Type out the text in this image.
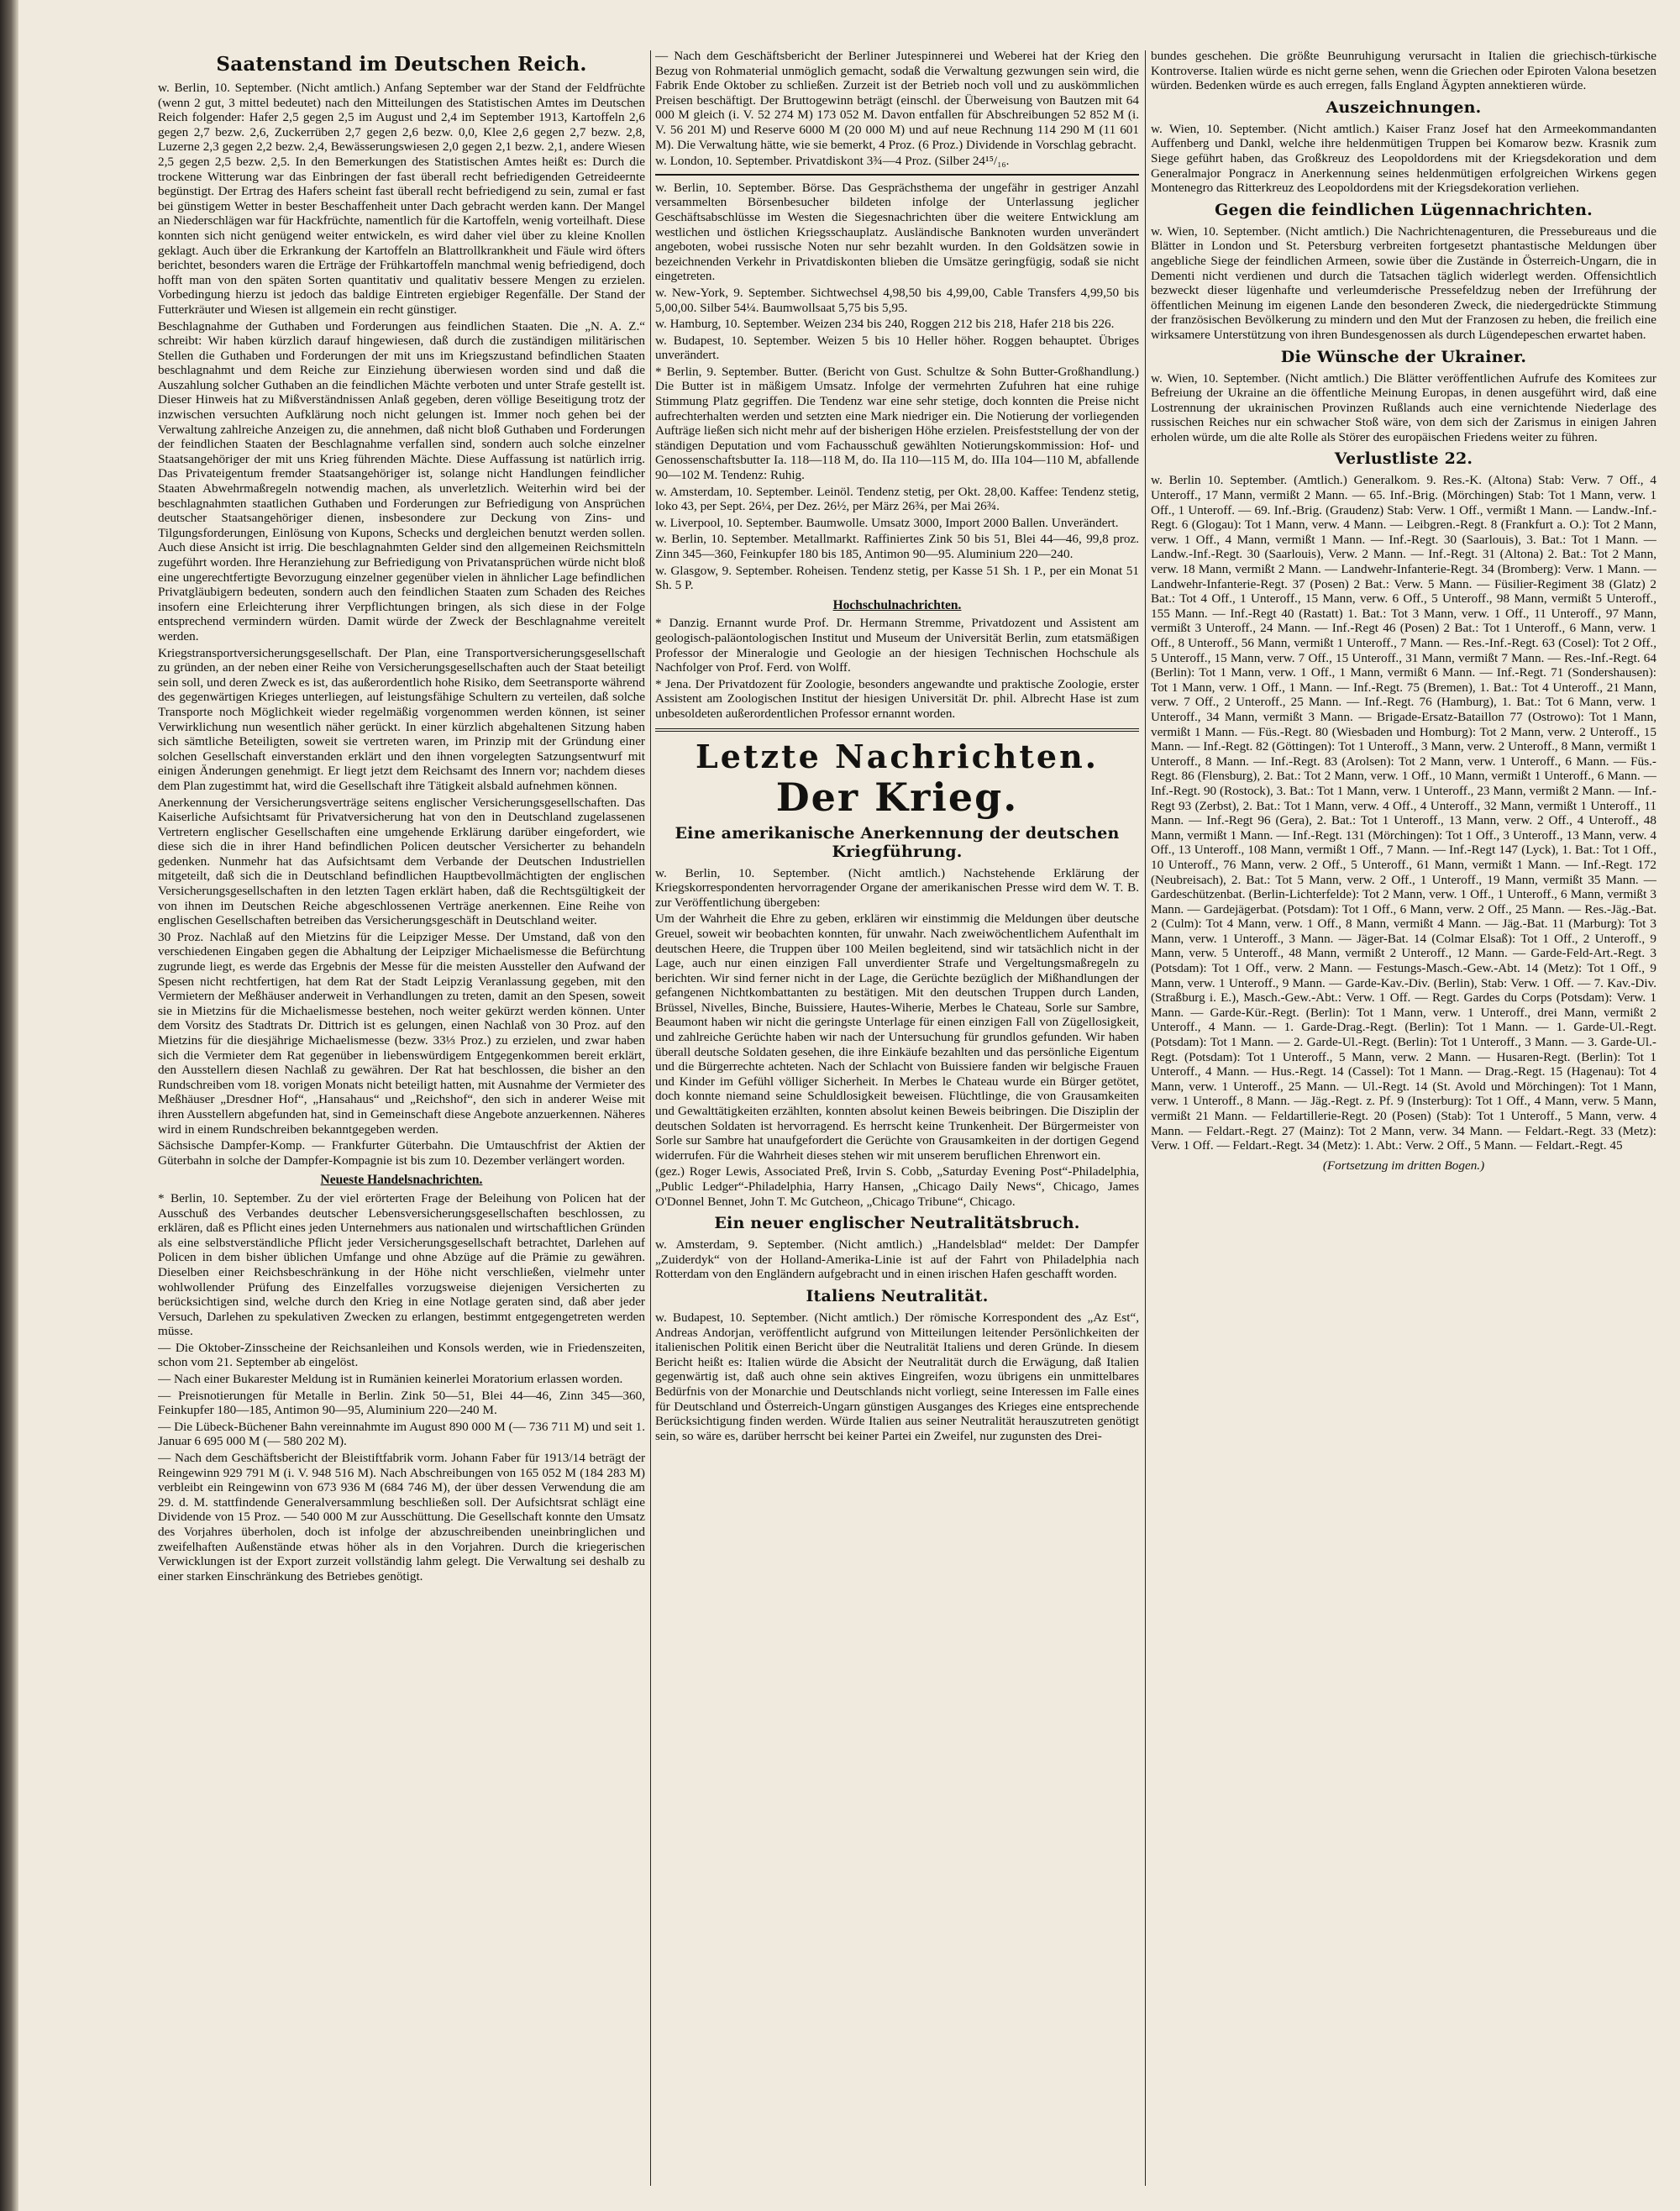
Saatenstand im Deutschen Reich.

w. Berlin, 10. September. (Nicht amtlich.) Anfang September war der Stand der Feldfrüchte (wenn 2 gut, 3 mittel bedeutet) nach den Mitteilungen des Statistischen Amtes im Deutschen Reich folgender: Hafer 2,5 gegen 2,5 im August und 2,4 im September 1913, Kartoffeln 2,6 gegen 2,7 bezw. 2,6, Zuckerrüben 2,7 gegen 2,6 bezw. 0,0, Klee 2,6 gegen 2,7 bezw. 2,8, Luzerne 2,3 gegen 2,2 bezw. 2,4, Bewässerungswiesen 2,0 gegen 2,1 bezw. 2,1, andere Wiesen 2,5 gegen 2,5 bezw. 2,5. In den Bemerkungen des Statistischen Amtes heißt es: Durch die trockene Witterung war das Einbringen der fast überall recht befriedigenden Getreideernte begünstigt. Der Ertrag des Hafers scheint fast überall recht befriedigend zu sein, zumal er fast bei günstigem Wetter in bester Beschaffenheit unter Dach gebracht werden kann. Der Mangel an Niederschlägen war für Hackfrüchte, namentlich für die Kartoffeln, wenig vorteilhaft. Diese konnten sich nicht genügend weiter entwickeln, es wird daher viel über zu kleine Knollen geklagt. Auch über die Erkrankung der Kartoffeln an Blattrollkrankheit und Fäule wird öfters berichtet, besonders waren die Erträge der Frühkartoffeln manchmal wenig befriedigend, doch hofft man von den späten Sorten quantitativ und qualitativ bessere Mengen zu erzielen. Vorbedingung hierzu ist jedoch das baldige Eintreten ergiebiger Regenfälle. Der Stand der Futterkräuter und Wiesen ist allgemein ein recht günstiger.

Beschlagnahme der Guthaben und Forderungen aus feindlichen Staaten. Die „N. A. Z.“ schreibt: Wir haben kürzlich darauf hingewiesen, daß durch die zuständigen militärischen Stellen die Guthaben und Forderungen der mit uns im Kriegszustand befindlichen Staaten beschlagnahmt und dem Reiche zur Einziehung überwiesen worden sind und daß die Auszahlung solcher Guthaben an die feindlichen Mächte verboten und unter Strafe gestellt ist. Dieser Hinweis hat zu Mißverständnissen Anlaß gegeben, deren völlige Beseitigung trotz der inzwischen versuchten Aufklärung noch nicht gelungen ist. Immer noch gehen bei der Verwaltung zahlreiche Anzeigen zu, die annehmen, daß nicht bloß Guthaben und Forderungen der feindlichen Staaten der Beschlagnahme verfallen sind, sondern auch solche einzelner Staatsangehöriger der mit uns Krieg führenden Mächte. Diese Auffassung ist natürlich irrig. Das Privateigentum fremder Staatsangehöriger ist, solange nicht Handlungen feindlicher Staaten Abwehrmaßregeln notwendig machen, als unverletzlich. Weiterhin wird bei der beschlagnahmten staatlichen Guthaben und Forderungen zur Befriedigung von Ansprüchen deutscher Staatsangehöriger dienen, insbesondere zur Deckung von Zins- und Tilgungsforderungen, Einlösung von Kupons, Schecks und dergleichen benutzt werden sollen. Auch diese Ansicht ist irrig. Die beschlagnahmten Gelder sind den allgemeinen Reichsmitteln zugeführt worden. Ihre Heranziehung zur Befriedigung von Privatansprüchen würde nicht bloß eine ungerechtfertigte Bevorzugung einzelner gegenüber vielen in ähnlicher Lage befindlichen Privatgläubigern bedeuten, sondern auch den feindlichen Staaten zum Schaden des Reiches insofern eine Erleichterung ihrer Verpflichtungen bringen, als sich diese in der Folge entsprechend vermindern würden. Damit würde der Zweck der Beschlagnahme vereitelt werden.

Kriegstransportversicherungsgesellschaft. Der Plan, eine Transportversicherungsgesellschaft zu gründen, an der neben einer Reihe von Versicherungsgesellschaften auch der Staat beteiligt sein soll, und deren Zweck es ist, das außerordentlich hohe Risiko, dem Seetransporte während des gegenwärtigen Krieges unterliegen, auf leistungsfähige Schultern zu verteilen, daß solche Transporte noch Möglichkeit wieder regelmäßig vorgenommen werden können, ist seiner Verwirklichung nun wesentlich näher gerückt. In einer kürzlich abgehaltenen Sitzung haben sich sämtliche Beteiligten, soweit sie vertreten waren, im Prinzip mit der Gründung einer solchen Gesellschaft einverstanden erklärt und den ihnen vorgelegten Satzungsentwurf mit einigen Änderungen genehmigt. Er liegt jetzt dem Reichsamt des Innern vor; nachdem dieses dem Plan zugestimmt hat, wird die Gesellschaft ihre Tätigkeit alsbald aufnehmen können.

Anerkennung der Versicherungsverträge seitens englischer Versicherungsgesellschaften. Das Kaiserliche Aufsichtsamt für Privatversicherung hat von den in Deutschland zugelassenen Vertretern englischer Gesellschaften eine umgehende Erklärung darüber eingefordert, wie diese sich die in ihrer Hand befindlichen Policen deutscher Versicherter zu behandeln gedenken. Nunmehr hat das Aufsichtsamt dem Verbande der Deutschen Industriellen mitgeteilt, daß sich die in Deutschland befindlichen Hauptbevollmächtigten der englischen Versicherungsgesellschaften in den letzten Tagen erklärt haben, daß die Rechtsgültigkeit der von ihnen im Deutschen Reiche abgeschlossenen Verträge anerkennen. Eine Reihe von englischen Gesellschaften betreiben das Versicherungsgeschäft in Deutschland weiter.

30 Proz. Nachlaß auf den Mietzins für die Leipziger Messe. Der Umstand, daß von den verschiedenen Eingaben gegen die Abhaltung der Leipziger Michaelismesse die Befürchtung zugrunde liegt, es werde das Ergebnis der Messe für die meisten Aussteller den Aufwand der Spesen nicht rechtfertigen, hat dem Rat der Stadt Leipzig Veranlassung gegeben, mit den Vermietern der Meßhäuser anderweit in Verhandlungen zu treten, damit an den Spesen, soweit sie in Mietzins für die Michaelismesse bestehen, noch weiter gekürzt werden können. Unter dem Vorsitz des Stadtrats Dr. Dittrich ist es gelungen, einen Nachlaß von 30 Proz. auf den Mietzins für die diesjährige Michaelismesse (bezw. 33⅓ Proz.) zu erzielen, und zwar haben sich die Vermieter dem Rat gegenüber in liebenswürdigem Entgegenkommen bereit erklärt, den Ausstellern diesen Nachlaß zu gewähren. Der Rat hat beschlossen, die bisher an den Rundschreiben vom 18. vorigen Monats nicht beteiligt hatten, mit Ausnahme der Vermieter des Meßhäuser „Dresdner Hof“, „Hansahaus“ und „Reichshof“, den sich in anderer Weise mit ihren Ausstellern abgefunden hat, sind in Gemeinschaft diese Angebote anzuerkennen. Näheres wird in einem Rundschreiben bekanntgegeben werden.

Sächsische Dampfer-Komp. — Frankfurter Güterbahn. Die Umtauschfrist der Aktien der Güterbahn in solche der Dampfer-Kompagnie ist bis zum 10. Dezember verlängert worden.

Neueste Handelsnachrichten.

* Berlin, 10. September. Zu der viel erörterten Frage der Beleihung von Policen hat der Ausschuß des Verbandes deutscher Lebensversicherungsgesellschaften beschlossen, zu erklären, daß es Pflicht eines jeden Unternehmers aus nationalen und wirtschaftlichen Gründen als eine selbstverständliche Pflicht jeder Versicherungsgesellschaft betrachtet, Darlehen auf Policen in dem bisher üblichen Umfange und ohne Abzüge auf die Prämie zu gewähren. Dieselben einer Reichsbeschränkung in der Höhe nicht verschließen, vielmehr unter wohlwollender Prüfung des Einzelfalles vorzugsweise diejenigen Versicherten zu berücksichtigen sind, welche durch den Krieg in eine Notlage geraten sind, daß aber jeder Versuch, Darlehen zu spekulativen Zwecken zu erlangen, bestimmt entgegengetreten werden müsse.

— Die Oktober-Zinsscheine der Reichsanleihen und Konsols werden, wie in Friedenszeiten, schon vom 21. September ab eingelöst.

— Nach einer Bukarester Meldung ist in Rumänien keinerlei Moratorium erlassen worden.

— Preisnotierungen für Metalle in Berlin. Zink 50—51, Blei 44—46, Zinn 345—360, Feinkupfer 180—185, Antimon 90—95, Aluminium 220—240 M.

— Die Lübeck-Büchener Bahn vereinnahmte im August 890 000 M (— 736 711 M) und seit 1. Januar 6 695 000 M (— 580 202 M).

— Nach dem Geschäftsbericht der Bleistiftfabrik vorm. Johann Faber für 1913/14 beträgt der Reingewinn 929 791 M (i. V. 948 516 M). Nach Abschreibungen von 165 052 M (184 283 M) verbleibt ein Reingewinn von 673 936 M (684 746 M), der über dessen Verwendung die am 29. d. M. stattfindende Generalversammlung beschließen soll. Der Aufsichtsrat schlägt eine Dividende von 15 Proz. — 540 000 M zur Ausschüttung. Die Gesellschaft konnte den Umsatz des Vorjahres überholen, doch ist infolge der abzuschreibenden uneinbringlichen und zweifelhaften Außenstände etwas höher als in den Vorjahren. Durch die kriegerischen Verwicklungen ist der Export zurzeit vollständig lahm gelegt. Die Verwaltung sei deshalb zu einer starken Einschränkung des Betriebes genötigt.

— Nach dem Geschäftsbericht der Berliner Jutespinnerei und Weberei hat der Krieg den Bezug von Rohmaterial unmöglich gemacht, sodaß die Verwaltung gezwungen sein wird, die Fabrik Ende Oktober zu schließen. Zurzeit ist der Betrieb noch voll und zu auskömmlichen Preisen beschäftigt. Der Bruttogewinn beträgt (einschl. der Überweisung von Bautzen mit 64 000 M gleich (i. V. 52 274 M) 173 052 M. Davon entfallen für Abschreibungen 52 852 M (i. V. 56 201 M) und Reserve 6000 M (20 000 M) und auf neue Rechnung 114 290 M (11 601 M). Die Verwaltung hätte, wie sie bemerkt, 4 Proz. (6 Proz.) Dividende in Vorschlag gebracht.

w. London, 10. September. Privatdiskont 3¾—4 Proz. (Silber 24¹⁵/₁₆.

w. Berlin, 10. September. Börse. Das Gesprächsthema der ungefähr in gestriger Anzahl versammelten Börsenbesucher bildeten infolge der Unterlassung jeglicher Geschäftsabschlüsse im Westen die Siegesnachrichten über die weitere Entwicklung am westlichen und östlichen Kriegsschauplatz. Ausländische Banknoten wurden unverändert angeboten, wobei russische Noten nur sehr bezahlt wurden. In den Goldsätzen sowie in bezeichnenden Verkehr in Privatdiskonten blieben die Umsätze geringfügig, sodaß sie nicht eingetreten.

w. New-York, 9. September. Sichtwechsel 4,98,50 bis 4,99,00, Cable Transfers 4,99,50 bis 5,00,00. Silber 54¼. Baumwollsaat 5,75 bis 5,95.

w. Hamburg, 10. September. Weizen 234 bis 240, Roggen 212 bis 218, Hafer 218 bis 226.

w. Budapest, 10. September. Weizen 5 bis 10 Heller höher. Roggen behauptet. Übriges unverändert.

* Berlin, 9. September. Butter. (Bericht von Gust. Schultze & Sohn Butter-Großhandlung.) Die Butter ist in mäßigem Umsatz. Infolge der vermehrten Zufuhren hat eine ruhige Stimmung Platz gegriffen. Die Tendenz war eine sehr stetige, doch konnten die Preise nicht aufrechterhalten werden und setzten eine Mark niedriger ein. Die Notierung der vorliegenden Aufträge ließen sich nicht mehr auf der bisherigen Höhe erzielen. Preisfeststellung der von der ständigen Deputation und vom Fachausschuß gewählten Notierungskommission: Hof- und Genossenschaftsbutter Ia. 118—118 M, do. IIa 110—115 M, do. IIIa 104—110 M, abfallende 90—102 M. Tendenz: Ruhig.

w. Amsterdam, 10. September. Leinöl. Tendenz stetig, per Okt. 28,00. Kaffee: Tendenz stetig, loko 43, per Sept. 26¼, per Dez. 26½, per März 26¾, per Mai 26¾.

w. Liverpool, 10. September. Baumwolle. Umsatz 3000, Import 2000 Ballen. Unverändert.

w. Berlin, 10. September. Metallmarkt. Raffiniertes Zink 50 bis 51, Blei 44—46, 99,8 proz. Zinn 345—360, Feinkupfer 180 bis 185, Antimon 90—95. Aluminium 220—240.

w. Glasgow, 9. September. Roheisen. Tendenz stetig, per Kasse 51 Sh. 1 P., per ein Monat 51 Sh. 5 P.

Hochschulnachrichten.

* Danzig. Ernannt wurde Prof. Dr. Hermann Stremme, Privatdozent und Assistent am geologisch-paläontologischen Institut und Museum der Universität Berlin, zum etatsmäßigen Professor der Mineralogie und Geologie an der hiesigen Technischen Hochschule als Nachfolger von Prof. Ferd. von Wolff.

* Jena. Der Privatdozent für Zoologie, besonders angewandte und praktische Zoologie, erster Assistent am Zoologischen Institut der hiesigen Universität Dr. phil. Albrecht Hase ist zum unbesoldeten außerordentlichen Professor ernannt worden.

Letzte Nachrichten.
Der Krieg.
Eine amerikanische Anerkennung der deutschen Kriegführung.

w. Berlin, 10. September. (Nicht amtlich.) Nachstehende Erklärung der Kriegskorrespondenten hervorragender Organe der amerikanischen Presse wird dem W. T. B. zur Veröffentlichung übergeben:

Um der Wahrheit die Ehre zu geben, erklären wir einstimmig die Meldungen über deutsche Greuel, soweit wir beobachten konnten, für unwahr. Nach zweiwöchentlichem Aufenthalt im deutschen Heere, die Truppen über 100 Meilen begleitend, sind wir tatsächlich nicht in der Lage, auch nur einen einzigen Fall unverdienter Strafe und Vergeltungsmaßregeln zu berichten. Wir sind ferner nicht in der Lage, die Gerüchte bezüglich der Mißhandlungen der gefangenen Nichtkombattanten zu bestätigen. Mit den deutschen Truppen durch Landen, Brüssel, Nivelles, Binche, Buissiere, Hautes-Wiherie, Merbes le Chateau, Sorle sur Sambre, Beaumont haben wir nicht die geringste Unterlage für einen einzigen Fall von Zügellosigkeit, und zahlreiche Gerüchte haben wir nach der Untersuchung für grundlos gefunden. Wir haben überall deutsche Soldaten gesehen, die ihre Einkäufe bezahlten und das persönliche Eigentum und die Bürgerrechte achteten. Nach der Schlacht von Buissiere fanden wir belgische Frauen und Kinder im Gefühl völliger Sicherheit. In Merbes le Chateau wurde ein Bürger getötet, doch konnte niemand seine Schuldlosigkeit beweisen. Flüchtlinge, die von Grausamkeiten und Gewalttätigkeiten erzählten, konnten absolut keinen Beweis beibringen. Die Disziplin der deutschen Soldaten ist hervorragend. Es herrscht keine Trunkenheit. Der Bürgermeister von Sorle sur Sambre hat unaufgefordert die Gerüchte von Grausamkeiten in der dortigen Gegend widerrufen. Für die Wahrheit dieses stehen wir mit unserem beruflichen Ehrenwort ein.

(gez.) Roger Lewis, Associated Preß, Irvin S. Cobb, „Saturday Evening Post“-Philadelphia, „Public Ledger“-Philadelphia, Harry Hansen, „Chicago Daily News“, Chicago, James O'Donnel Bennet, John T. Mc Gutcheon, „Chicago Tribune“, Chicago.

Ein neuer englischer Neutralitätsbruch.

w. Amsterdam, 9. September. (Nicht amtlich.) „Handelsblad“ meldet: Der Dampfer „Zuiderdyk“ von der Holland-Amerika-Linie ist auf der Fahrt von Philadelphia nach Rotterdam von den Engländern aufgebracht und in einen irischen Hafen geschafft worden.

Italiens Neutralität.

w. Budapest, 10. September. (Nicht amtlich.) Der römische Korrespondent des „Az Est“, Andreas Andorjan, veröffentlicht aufgrund von Mitteilungen leitender Persönlichkeiten der italienischen Politik einen Bericht über die Neutralität Italiens und deren Gründe. In diesem Bericht heißt es: Italien würde die Absicht der Neutralität durch die Erwägung, daß Italien gegenwärtig ist, daß auch ohne sein aktives Eingreifen, wozu übrigens ein unmittelbares Bedürfnis von der Monarchie und Deutschlands nicht vorliegt, seine Interessen im Falle eines für Deutschland und Österreich-Ungarn günstigen Ausganges des Krieges eine entsprechende Berücksichtigung finden werden. Würde Italien aus seiner Neutralität herauszutreten genötigt sein, so wäre es, darüber herrscht bei keiner Partei ein Zweifel, nur zugunsten des Drei-

bundes geschehen. Die größte Beunruhigung verursacht in Italien die griechisch-türkische Kontroverse. Italien würde es nicht gerne sehen, wenn die Griechen oder Epiroten Valona besetzen würden. Bedenken würde es auch erregen, falls England Ägypten annektieren würde.

Auszeichnungen.

w. Wien, 10. September. (Nicht amtlich.) Kaiser Franz Josef hat den Armeekommandanten Auffenberg und Dankl, welche ihre heldenmütigen Truppen bei Komarow bezw. Krasnik zum Siege geführt haben, das Großkreuz des Leopoldordens mit der Kriegsdekoration und dem Generalmajor Pongracz in Anerkennung seines heldenmütigen erfolgreichen Wirkens gegen Montenegro das Ritterkreuz des Leopoldordens mit der Kriegsdekoration verliehen.

Gegen die feindlichen Lügennachrichten.

w. Wien, 10. September. (Nicht amtlich.) Die Nachrichtenagenturen, die Pressebureaus und die Blätter in London und St. Petersburg verbreiten fortgesetzt phantastische Meldungen über angebliche Siege der feindlichen Armeen, sowie über die Zustände in Österreich-Ungarn, die in Dementi nicht verdienen und durch die Tatsachen täglich widerlegt werden. Offensichtlich bezweckt dieser lügenhafte und verleumderische Pressefeldzug neben der Irreführung der öffentlichen Meinung im eigenen Lande den besonderen Zweck, die niedergedrückte Stimmung der französischen Bevölkerung zu mindern und den Mut der Franzosen zu heben, die freilich eine wirksamere Unterstützung von ihren Bundesgenossen als durch Lügendepeschen erwartet haben.

Die Wünsche der Ukrainer.

w. Wien, 10. September. (Nicht amtlich.) Die Blätter veröffentlichen Aufrufe des Komitees zur Befreiung der Ukraine an die öffentliche Meinung Europas, in denen ausgeführt wird, daß eine Lostrennung der ukrainischen Provinzen Rußlands auch eine vernichtende Niederlage des russischen Reiches nur ein schwacher Stoß wäre, von dem sich der Zarismus in einigen Jahren erholen würde, um die alte Rolle als Störer des europäischen Friedens weiter zu führen.

Verlustliste 22.

w. Berlin 10. September. (Amtlich.) Generalkom. 9. Res.-K. (Altona) Stab: Verw. 7 Off., 4 Unteroff., 17 Mann, vermißt 2 Mann. — 65. Inf.-Brig. (Mörchingen) Stab: Tot 1 Mann, verw. 1 Off., 1 Unteroff. — 69. Inf.-Brig. (Graudenz) Stab: Verw. 1 Off., vermißt 1 Mann. — Landw.-Inf.-Regt. 6 (Glogau): Tot 1 Mann, verw. 4 Mann. — Leibgren.-Regt. 8 (Frankfurt a. O.): Tot 2 Mann, verw. 1 Off., 4 Mann, vermißt 1 Mann. — Inf.-Regt. 30 (Saarlouis), 3. Bat.: Tot 1 Mann. — Landw.-Inf.-Regt. 30 (Saarlouis), Verw. 2 Mann. — Inf.-Regt. 31 (Altona) 2. Bat.: Tot 2 Mann, verw. 18 Mann, vermißt 2 Mann. — Landwehr-Infanterie-Regt. 34 (Bromberg): Verw. 1 Mann. — Landwehr-Infanterie-Regt. 37 (Posen) 2 Bat.: Verw. 5 Mann. — Füsilier-Regiment 38 (Glatz) 2 Bat.: Tot 4 Off., 1 Unteroff., 15 Mann, verw. 6 Off., 5 Unteroff., 98 Mann, vermißt 5 Unteroff., 155 Mann. — Inf.-Regt 40 (Rastatt) 1. Bat.: Tot 3 Mann, verw. 1 Off., 11 Unteroff., 97 Mann, vermißt 3 Unteroff., 24 Mann. — Inf.-Regt 46 (Posen) 2 Bat.: Tot 1 Unteroff., 6 Mann, verw. 1 Off., 8 Unteroff., 56 Mann, vermißt 1 Unteroff., 7 Mann. — Res.-Inf.-Regt. 63 (Cosel): Tot 2 Off., 5 Unteroff., 15 Mann, verw. 7 Off., 15 Unteroff., 31 Mann, vermißt 7 Mann. — Res.-Inf.-Regt. 64 (Berlin): Tot 1 Mann, verw. 1 Off., 1 Mann, vermißt 6 Mann. — Inf.-Regt. 71 (Sondershausen): Tot 1 Mann, verw. 1 Off., 1 Mann. — Inf.-Regt. 75 (Bremen), 1. Bat.: Tot 4 Unteroff., 21 Mann, verw. 7 Off., 2 Unteroff., 25 Mann. — Inf.-Regt. 76 (Hamburg), 1. Bat.: Tot 6 Mann, verw. 1 Unteroff., 34 Mann, vermißt 3 Mann. — Brigade-Ersatz-Bataillon 77 (Ostrowo): Tot 1 Mann, vermißt 1 Mann. — Füs.-Regt. 80 (Wiesbaden und Homburg): Tot 2 Mann, verw. 2 Unteroff., 15 Mann. — Inf.-Regt. 82 (Göttingen): Tot 1 Unteroff., 3 Mann, verw. 2 Unteroff., 8 Mann, vermißt 1 Unteroff., 8 Mann. — Inf.-Regt. 83 (Arolsen): Tot 2 Mann, verw. 1 Unteroff., 6 Mann. — Füs.-Regt. 86 (Flensburg), 2. Bat.: Tot 2 Mann, verw. 1 Off., 10 Mann, vermißt 1 Unteroff., 6 Mann. — Inf.-Regt. 90 (Rostock), 3. Bat.: Tot 1 Mann, verw. 1 Unteroff., 23 Mann, vermißt 2 Mann. — Inf.-Regt 93 (Zerbst), 2. Bat.: Tot 1 Mann, verw. 4 Off., 4 Unteroff., 32 Mann, vermißt 1 Unteroff., 11 Mann. — Inf.-Regt 96 (Gera), 2. Bat.: Tot 1 Unteroff., 13 Mann, verw. 2 Off., 4 Unteroff., 48 Mann, vermißt 1 Mann. — Inf.-Regt. 131 (Mörchingen): Tot 1 Off., 3 Unteroff., 13 Mann, verw. 4 Off., 13 Unteroff., 108 Mann, vermißt 1 Off., 7 Mann. — Inf.-Regt 147 (Lyck), 1. Bat.: Tot 1 Off., 10 Unteroff., 76 Mann, verw. 2 Off., 5 Unteroff., 61 Mann, vermißt 1 Mann. — Inf.-Regt. 172 (Neubreisach), 2. Bat.: Tot 5 Mann, verw. 2 Off., 1 Unteroff., 19 Mann, vermißt 35 Mann. — Gardeschützenbat. (Berlin-Lichterfelde): Tot 2 Mann, verw. 1 Off., 1 Unteroff., 6 Mann, vermißt 3 Mann. — Gardejägerbat. (Potsdam): Tot 1 Off., 6 Mann, verw. 2 Off., 25 Mann. — Res.-Jäg.-Bat. 2 (Culm): Tot 4 Mann, verw. 1 Off., 8 Mann, vermißt 4 Mann. — Jäg.-Bat. 11 (Marburg): Tot 3 Mann, verw. 1 Unteroff., 3 Mann. — Jäger-Bat. 14 (Colmar Elsaß): Tot 1 Off., 2 Unteroff., 9 Mann, verw. 5 Unteroff., 48 Mann, vermißt 2 Unteroff., 12 Mann. — Garde-Feld-Art.-Regt. 3 (Potsdam): Tot 1 Off., verw. 2 Mann. — Festungs-Masch.-Gew.-Abt. 14 (Metz): Tot 1 Off., 9 Mann, verw. 1 Unteroff., 9 Mann. — Garde-Kav.-Div. (Berlin), Stab: Verw. 1 Off. — 7. Kav.-Div. (Straßburg i. E.), Masch.-Gew.-Abt.: Verw. 1 Off. — Regt. Gardes du Corps (Potsdam): Verw. 1 Mann. — Garde-Kür.-Regt. (Berlin): Tot 1 Mann, verw. 1 Unteroff., drei Mann, vermißt 2 Unteroff., 4 Mann. — 1. Garde-Drag.-Regt. (Berlin): Tot 1 Mann. — 1. Garde-Ul.-Regt. (Potsdam): Tot 1 Mann. — 2. Garde-Ul.-Regt. (Berlin): Tot 1 Unteroff., 3 Mann. — 3. Garde-Ul.-Regt. (Potsdam): Tot 1 Unteroff., 5 Mann, verw. 2 Mann. — Husaren-Regt. (Berlin): Tot 1 Unteroff., 4 Mann. — Hus.-Regt. 14 (Cassel): Tot 1 Mann. — Drag.-Regt. 15 (Hagenau): Tot 4 Mann, verw. 1 Unteroff., 25 Mann. — Ul.-Regt. 14 (St. Avold und Mörchingen): Tot 1 Mann, verw. 1 Unteroff., 8 Mann. — Jäg.-Regt. z. Pf. 9 (Insterburg): Tot 1 Off., 4 Mann, verw. 5 Mann, vermißt 21 Mann. — Feldartillerie-Regt. 20 (Posen) (Stab): Tot 1 Unteroff., 5 Mann, verw. 4 Mann. — Feldart.-Regt. 27 (Mainz): Tot 2 Mann, verw. 34 Mann. — Feldart.-Regt. 33 (Metz): Verw. 1 Off. — Feldart.-Regt. 34 (Metz): 1. Abt.: Verw. 2 Off., 5 Mann. — Feldart.-Regt. 45

(Fortsetzung im dritten Bogen.)
